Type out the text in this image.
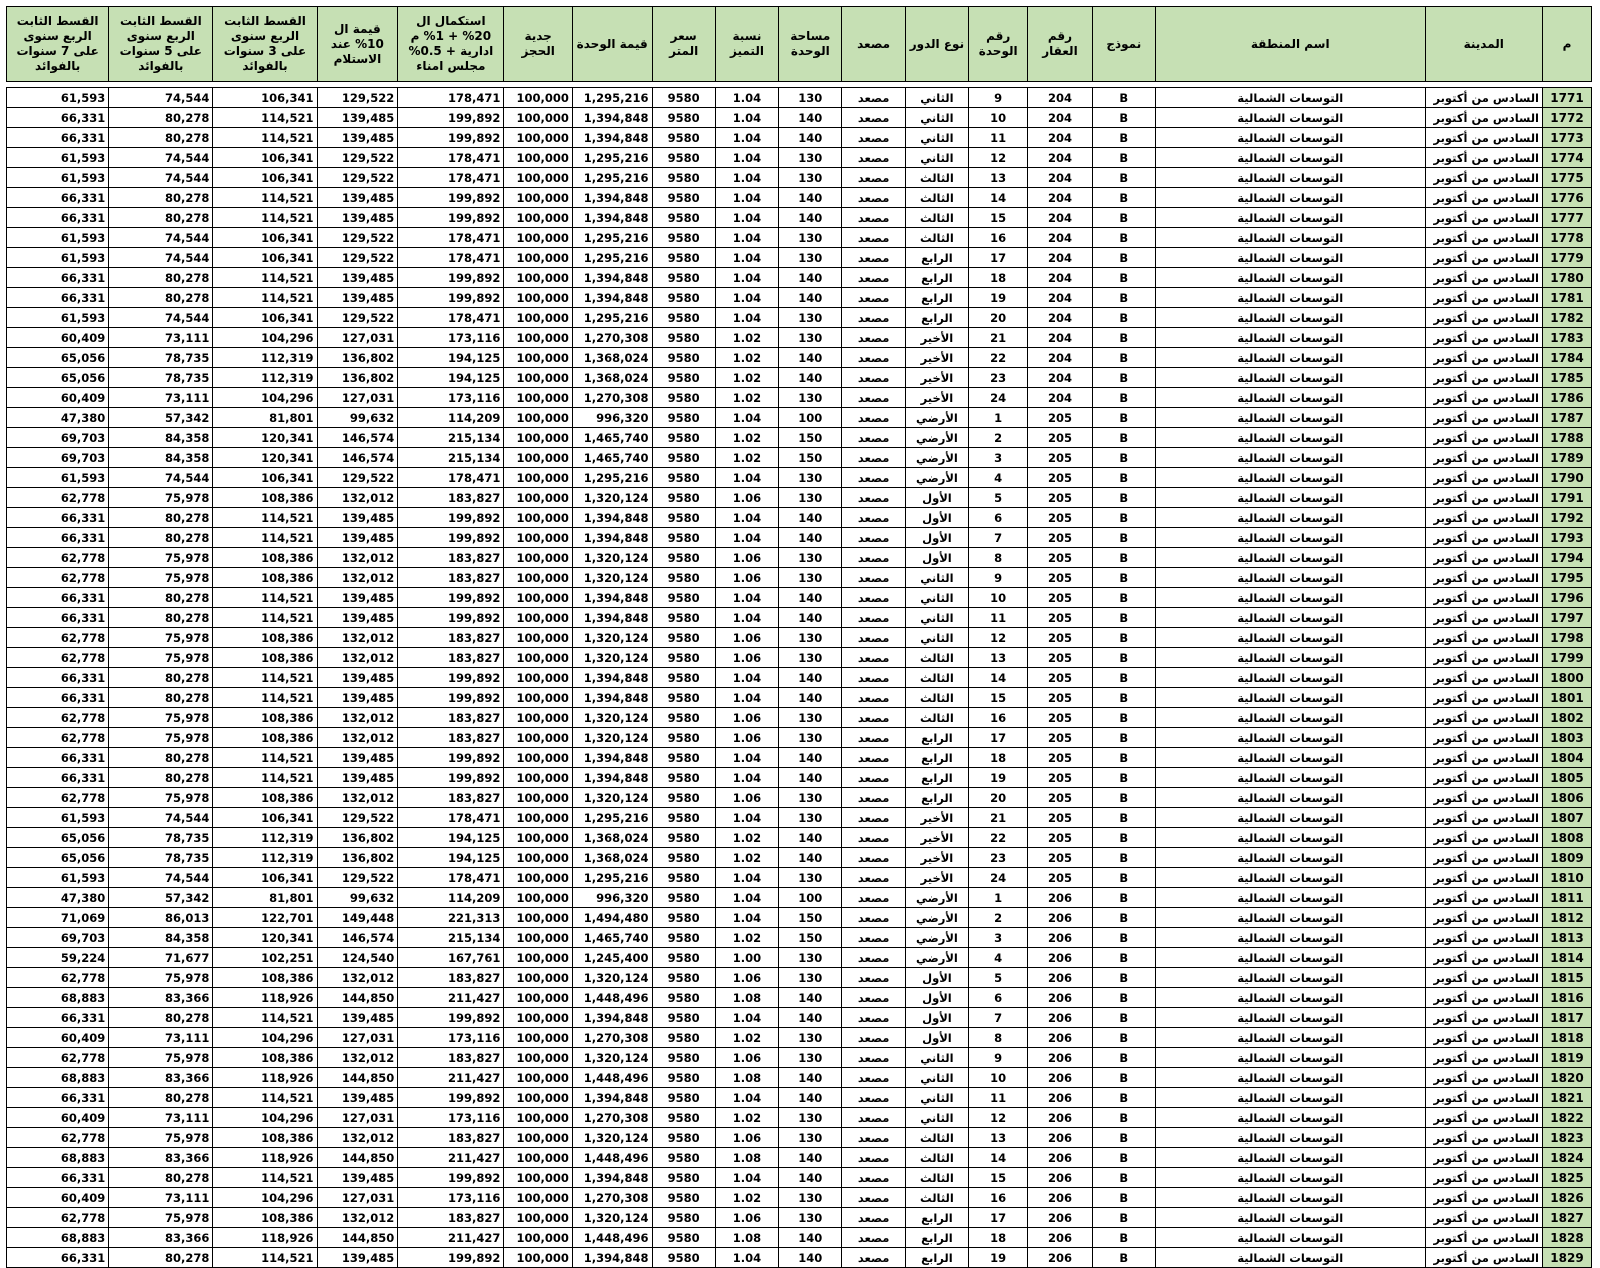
م	المدينة	اسم المنطقة	نموذج	رقم العقار	رقم الوحدة	نوع الدور	مصعد	مساحة الوحدة	نسبة التميز	سعر المتر	قيمة الوحدة	جدية الحجز	استكمال ال 20% + 1% م ادارية + 0.5% مجلس امناء	قيمة ال 10% عند الاستلام	القسط الثابت الربع سنوى على 3 سنوات بالفوائد	القسط الثابت الربع سنوى على 5 سنوات بالفوائد	القسط الثابت الربع سنوى على 7 سنوات بالفوائد

1771	السادس من أكتوبر	التوسعات الشمالية	B	204	9	الثاني	مصعد	130	1.04	9580	1,295,216	100,000	178,471	129,522	106,341	74,544	61,593
1772	السادس من أكتوبر	التوسعات الشمالية	B	204	10	الثاني	مصعد	140	1.04	9580	1,394,848	100,000	199,892	139,485	114,521	80,278	66,331
1773	السادس من أكتوبر	التوسعات الشمالية	B	204	11	الثاني	مصعد	140	1.04	9580	1,394,848	100,000	199,892	139,485	114,521	80,278	66,331
1774	السادس من أكتوبر	التوسعات الشمالية	B	204	12	الثاني	مصعد	130	1.04	9580	1,295,216	100,000	178,471	129,522	106,341	74,544	61,593
1775	السادس من أكتوبر	التوسعات الشمالية	B	204	13	الثالث	مصعد	130	1.04	9580	1,295,216	100,000	178,471	129,522	106,341	74,544	61,593
1776	السادس من أكتوبر	التوسعات الشمالية	B	204	14	الثالث	مصعد	140	1.04	9580	1,394,848	100,000	199,892	139,485	114,521	80,278	66,331
1777	السادس من أكتوبر	التوسعات الشمالية	B	204	15	الثالث	مصعد	140	1.04	9580	1,394,848	100,000	199,892	139,485	114,521	80,278	66,331
1778	السادس من أكتوبر	التوسعات الشمالية	B	204	16	الثالث	مصعد	130	1.04	9580	1,295,216	100,000	178,471	129,522	106,341	74,544	61,593
1779	السادس من أكتوبر	التوسعات الشمالية	B	204	17	الرابع	مصعد	130	1.04	9580	1,295,216	100,000	178,471	129,522	106,341	74,544	61,593
1780	السادس من أكتوبر	التوسعات الشمالية	B	204	18	الرابع	مصعد	140	1.04	9580	1,394,848	100,000	199,892	139,485	114,521	80,278	66,331
1781	السادس من أكتوبر	التوسعات الشمالية	B	204	19	الرابع	مصعد	140	1.04	9580	1,394,848	100,000	199,892	139,485	114,521	80,278	66,331
1782	السادس من أكتوبر	التوسعات الشمالية	B	204	20	الرابع	مصعد	130	1.04	9580	1,295,216	100,000	178,471	129,522	106,341	74,544	61,593
1783	السادس من أكتوبر	التوسعات الشمالية	B	204	21	الأخير	مصعد	130	1.02	9580	1,270,308	100,000	173,116	127,031	104,296	73,111	60,409
1784	السادس من أكتوبر	التوسعات الشمالية	B	204	22	الأخير	مصعد	140	1.02	9580	1,368,024	100,000	194,125	136,802	112,319	78,735	65,056
1785	السادس من أكتوبر	التوسعات الشمالية	B	204	23	الأخير	مصعد	140	1.02	9580	1,368,024	100,000	194,125	136,802	112,319	78,735	65,056
1786	السادس من أكتوبر	التوسعات الشمالية	B	204	24	الأخير	مصعد	130	1.02	9580	1,270,308	100,000	173,116	127,031	104,296	73,111	60,409
1787	السادس من أكتوبر	التوسعات الشمالية	B	205	1	الأرضي	مصعد	100	1.04	9580	996,320	100,000	114,209	99,632	81,801	57,342	47,380
1788	السادس من أكتوبر	التوسعات الشمالية	B	205	2	الأرضي	مصعد	150	1.02	9580	1,465,740	100,000	215,134	146,574	120,341	84,358	69,703
1789	السادس من أكتوبر	التوسعات الشمالية	B	205	3	الأرضي	مصعد	150	1.02	9580	1,465,740	100,000	215,134	146,574	120,341	84,358	69,703
1790	السادس من أكتوبر	التوسعات الشمالية	B	205	4	الأرضي	مصعد	130	1.04	9580	1,295,216	100,000	178,471	129,522	106,341	74,544	61,593
1791	السادس من أكتوبر	التوسعات الشمالية	B	205	5	الأول	مصعد	130	1.06	9580	1,320,124	100,000	183,827	132,012	108,386	75,978	62,778
1792	السادس من أكتوبر	التوسعات الشمالية	B	205	6	الأول	مصعد	140	1.04	9580	1,394,848	100,000	199,892	139,485	114,521	80,278	66,331
1793	السادس من أكتوبر	التوسعات الشمالية	B	205	7	الأول	مصعد	140	1.04	9580	1,394,848	100,000	199,892	139,485	114,521	80,278	66,331
1794	السادس من أكتوبر	التوسعات الشمالية	B	205	8	الأول	مصعد	130	1.06	9580	1,320,124	100,000	183,827	132,012	108,386	75,978	62,778
1795	السادس من أكتوبر	التوسعات الشمالية	B	205	9	الثاني	مصعد	130	1.06	9580	1,320,124	100,000	183,827	132,012	108,386	75,978	62,778
1796	السادس من أكتوبر	التوسعات الشمالية	B	205	10	الثاني	مصعد	140	1.04	9580	1,394,848	100,000	199,892	139,485	114,521	80,278	66,331
1797	السادس من أكتوبر	التوسعات الشمالية	B	205	11	الثاني	مصعد	140	1.04	9580	1,394,848	100,000	199,892	139,485	114,521	80,278	66,331
1798	السادس من أكتوبر	التوسعات الشمالية	B	205	12	الثاني	مصعد	130	1.06	9580	1,320,124	100,000	183,827	132,012	108,386	75,978	62,778
1799	السادس من أكتوبر	التوسعات الشمالية	B	205	13	الثالث	مصعد	130	1.06	9580	1,320,124	100,000	183,827	132,012	108,386	75,978	62,778
1800	السادس من أكتوبر	التوسعات الشمالية	B	205	14	الثالث	مصعد	140	1.04	9580	1,394,848	100,000	199,892	139,485	114,521	80,278	66,331
1801	السادس من أكتوبر	التوسعات الشمالية	B	205	15	الثالث	مصعد	140	1.04	9580	1,394,848	100,000	199,892	139,485	114,521	80,278	66,331
1802	السادس من أكتوبر	التوسعات الشمالية	B	205	16	الثالث	مصعد	130	1.06	9580	1,320,124	100,000	183,827	132,012	108,386	75,978	62,778
1803	السادس من أكتوبر	التوسعات الشمالية	B	205	17	الرابع	مصعد	130	1.06	9580	1,320,124	100,000	183,827	132,012	108,386	75,978	62,778
1804	السادس من أكتوبر	التوسعات الشمالية	B	205	18	الرابع	مصعد	140	1.04	9580	1,394,848	100,000	199,892	139,485	114,521	80,278	66,331
1805	السادس من أكتوبر	التوسعات الشمالية	B	205	19	الرابع	مصعد	140	1.04	9580	1,394,848	100,000	199,892	139,485	114,521	80,278	66,331
1806	السادس من أكتوبر	التوسعات الشمالية	B	205	20	الرابع	مصعد	130	1.06	9580	1,320,124	100,000	183,827	132,012	108,386	75,978	62,778
1807	السادس من أكتوبر	التوسعات الشمالية	B	205	21	الأخير	مصعد	130	1.04	9580	1,295,216	100,000	178,471	129,522	106,341	74,544	61,593
1808	السادس من أكتوبر	التوسعات الشمالية	B	205	22	الأخير	مصعد	140	1.02	9580	1,368,024	100,000	194,125	136,802	112,319	78,735	65,056
1809	السادس من أكتوبر	التوسعات الشمالية	B	205	23	الأخير	مصعد	140	1.02	9580	1,368,024	100,000	194,125	136,802	112,319	78,735	65,056
1810	السادس من أكتوبر	التوسعات الشمالية	B	205	24	الأخير	مصعد	130	1.04	9580	1,295,216	100,000	178,471	129,522	106,341	74,544	61,593
1811	السادس من أكتوبر	التوسعات الشمالية	B	206	1	الأرضي	مصعد	100	1.04	9580	996,320	100,000	114,209	99,632	81,801	57,342	47,380
1812	السادس من أكتوبر	التوسعات الشمالية	B	206	2	الأرضي	مصعد	150	1.04	9580	1,494,480	100,000	221,313	149,448	122,701	86,013	71,069
1813	السادس من أكتوبر	التوسعات الشمالية	B	206	3	الأرضي	مصعد	150	1.02	9580	1,465,740	100,000	215,134	146,574	120,341	84,358	69,703
1814	السادس من أكتوبر	التوسعات الشمالية	B	206	4	الأرضي	مصعد	130	1.00	9580	1,245,400	100,000	167,761	124,540	102,251	71,677	59,224
1815	السادس من أكتوبر	التوسعات الشمالية	B	206	5	الأول	مصعد	130	1.06	9580	1,320,124	100,000	183,827	132,012	108,386	75,978	62,778
1816	السادس من أكتوبر	التوسعات الشمالية	B	206	6	الأول	مصعد	140	1.08	9580	1,448,496	100,000	211,427	144,850	118,926	83,366	68,883
1817	السادس من أكتوبر	التوسعات الشمالية	B	206	7	الأول	مصعد	140	1.04	9580	1,394,848	100,000	199,892	139,485	114,521	80,278	66,331
1818	السادس من أكتوبر	التوسعات الشمالية	B	206	8	الأول	مصعد	130	1.02	9580	1,270,308	100,000	173,116	127,031	104,296	73,111	60,409
1819	السادس من أكتوبر	التوسعات الشمالية	B	206	9	الثاني	مصعد	130	1.06	9580	1,320,124	100,000	183,827	132,012	108,386	75,978	62,778
1820	السادس من أكتوبر	التوسعات الشمالية	B	206	10	الثاني	مصعد	140	1.08	9580	1,448,496	100,000	211,427	144,850	118,926	83,366	68,883
1821	السادس من أكتوبر	التوسعات الشمالية	B	206	11	الثاني	مصعد	140	1.04	9580	1,394,848	100,000	199,892	139,485	114,521	80,278	66,331
1822	السادس من أكتوبر	التوسعات الشمالية	B	206	12	الثاني	مصعد	130	1.02	9580	1,270,308	100,000	173,116	127,031	104,296	73,111	60,409
1823	السادس من أكتوبر	التوسعات الشمالية	B	206	13	الثالث	مصعد	130	1.06	9580	1,320,124	100,000	183,827	132,012	108,386	75,978	62,778
1824	السادس من أكتوبر	التوسعات الشمالية	B	206	14	الثالث	مصعد	140	1.08	9580	1,448,496	100,000	211,427	144,850	118,926	83,366	68,883
1825	السادس من أكتوبر	التوسعات الشمالية	B	206	15	الثالث	مصعد	140	1.04	9580	1,394,848	100,000	199,892	139,485	114,521	80,278	66,331
1826	السادس من أكتوبر	التوسعات الشمالية	B	206	16	الثالث	مصعد	130	1.02	9580	1,270,308	100,000	173,116	127,031	104,296	73,111	60,409
1827	السادس من أكتوبر	التوسعات الشمالية	B	206	17	الرابع	مصعد	130	1.06	9580	1,320,124	100,000	183,827	132,012	108,386	75,978	62,778
1828	السادس من أكتوبر	التوسعات الشمالية	B	206	18	الرابع	مصعد	140	1.08	9580	1,448,496	100,000	211,427	144,850	118,926	83,366	68,883
1829	السادس من أكتوبر	التوسعات الشمالية	B	206	19	الرابع	مصعد	140	1.04	9580	1,394,848	100,000	199,892	139,485	114,521	80,278	66,331
